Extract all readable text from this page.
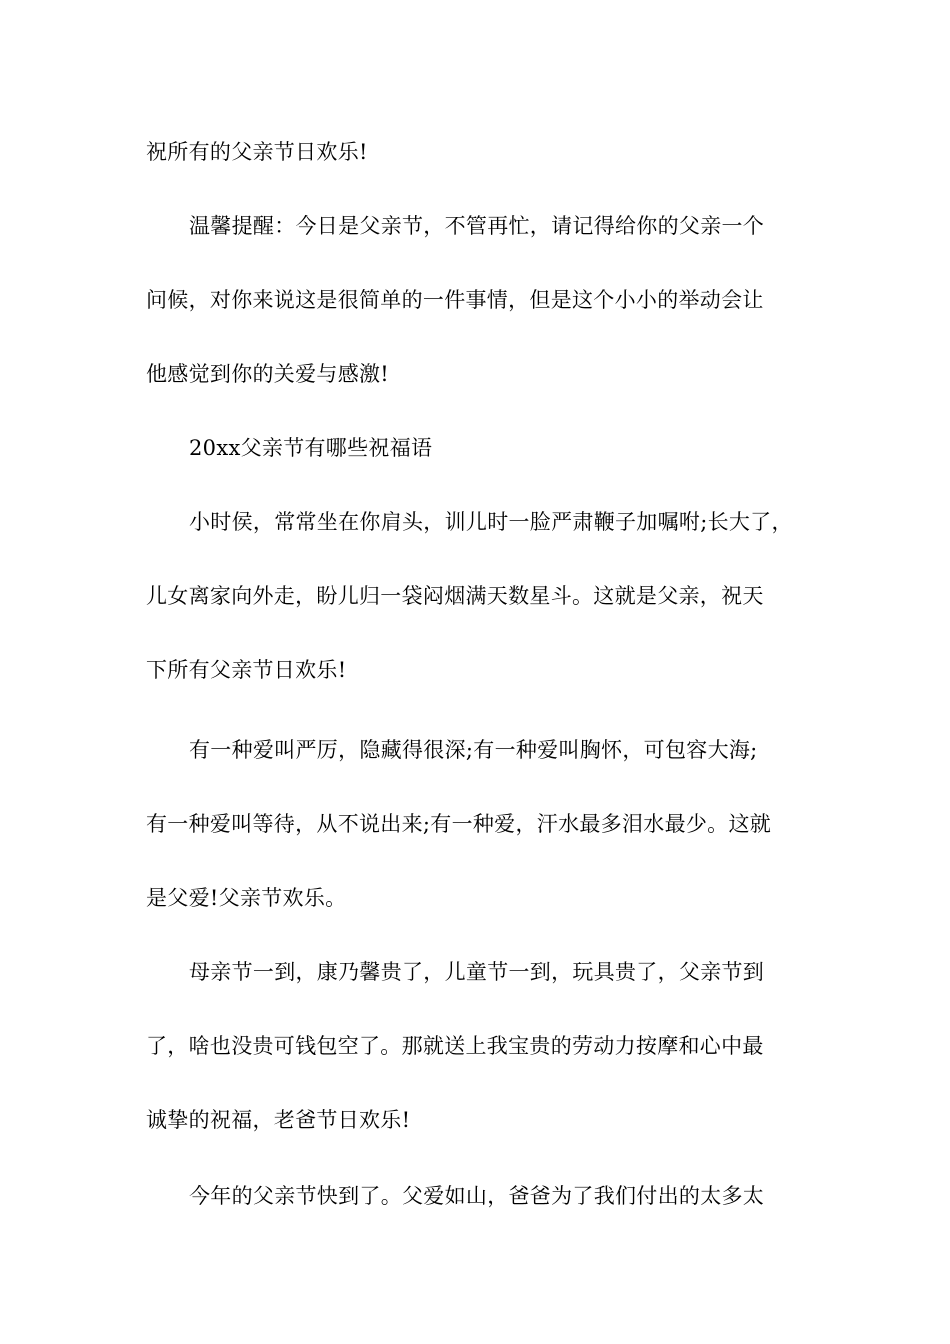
祝所有的父亲节日欢乐!
温馨提醒：今日是父亲节，不管再忙，请记得给你的父亲一个
问候，对你来说这是很简单的一件事情，但是这个小小的举动会让
他感觉到你的关爱与感激!
20xx父亲节有哪些祝福语
小时侯，常常坐在你肩头，训儿时一脸严肃鞭子加嘱咐;长大了，
儿女离家向外走，盼儿归一袋闷烟满天数星斗。这就是父亲，祝天
下所有父亲节日欢乐!
有一种爱叫严厉，隐藏得很深;有一种爱叫胸怀，可包容大海;
有一种爱叫等待，从不说出来;有一种爱，汗水最多泪水最少。这就
是父爱!父亲节欢乐。
母亲节一到，康乃馨贵了，儿童节一到，玩具贵了，父亲节到
了，啥也没贵可钱包空了。那就送上我宝贵的劳动力按摩和心中最
诚挚的祝福，老爸节日欢乐!
今年的父亲节快到了。父爱如山，爸爸为了我们付出的太多太
